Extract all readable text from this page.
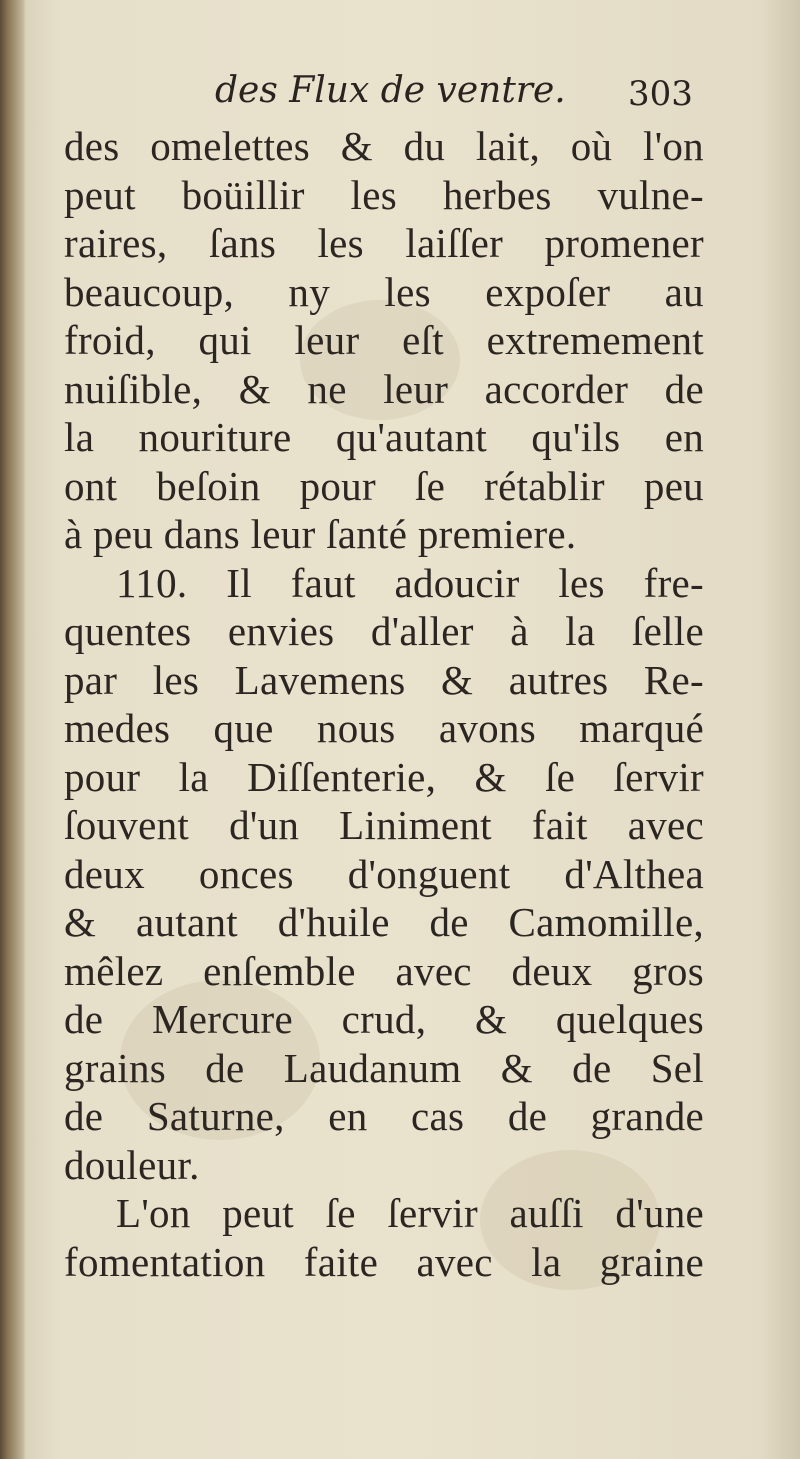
des Flux de ventre. 303
des omelettes & du lait, où l'on
peut boüillir les herbes vulne-
raires, ſans les laiſſer promener
beaucoup, ny les expoſer au
froid, qui leur eſt extremement
nuiſible, & ne leur accorder de
la nouriture qu'autant qu'ils en
ont beſoin pour ſe rétablir peu
à peu dans leur ſanté premiere.
110. Il faut adoucir les fre-
quentes envies d'aller à la ſelle
par les Lavemens & autres Re-
medes que nous avons marqué
pour la Diſſenterie, & ſe ſervir
ſouvent d'un Liniment fait avec
deux onces d'onguent d'Althea
& autant d'huile de Camomille,
mêlez enſemble avec deux gros
de Mercure crud, & quelques
grains de Laudanum & de Sel
de Saturne, en cas de grande
douleur.
L'on peut ſe ſervir auſſi d'une
fomentation faite avec la graine
